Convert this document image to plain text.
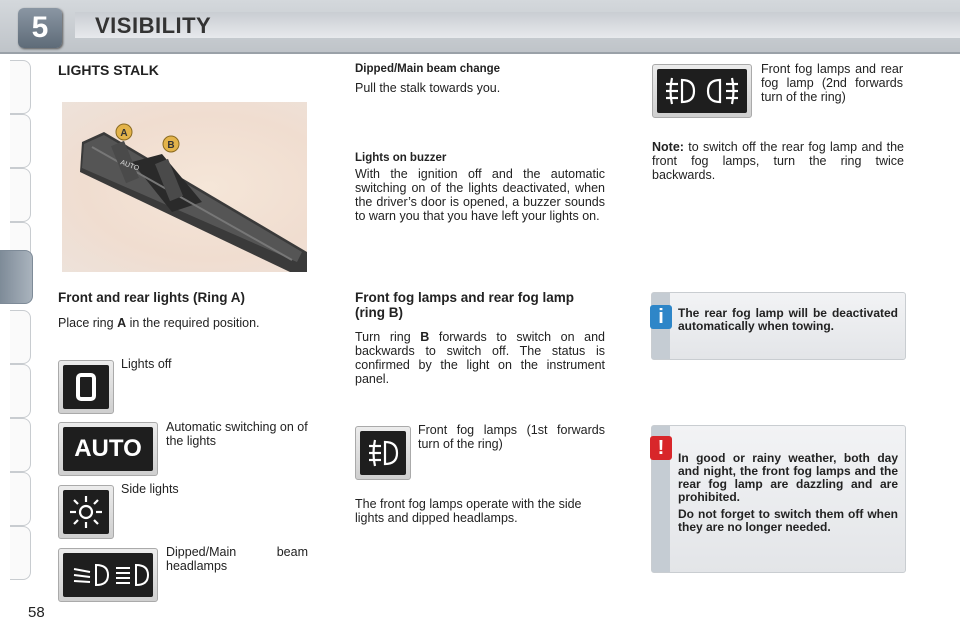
5	VISIBILITY
LIGHTS STALK
AUTO
A
B
Front and rear lights (Ring A)
Place ring A in the required position.
Lights off
AUTO
Automatic switching on of the lights
Side lights
Dipped/Main beam headlamps
Dipped/Main beam change
Pull the stalk towards you.
Lights on buzzer
With the ignition off and the automatic switching on of the lights deactivated, when the driver’s door is opened, a buzzer sounds to warn you that you have left your lights on.
Front fog lamps and rear fog lamp (ring B)
Turn ring B forwards to switch on and backwards to switch off. The status is confirmed by the light on the instrument panel.
Front fog lamps (1st forwards turn of the ring)
The front fog lamps operate with the side lights and dipped headlamps.
Front fog lamps and rear fog lamp (2nd forwards turn of the ring)
Note: to switch off the rear fog lamp and the front fog lamps, turn the ring twice backwards.
i	The rear fog lamp will be deactivated automatically when towing.
!	In good or rainy weather, both day and night, the front fog lamps and the rear fog lamp are dazzling and are prohibited.
Do not forget to switch them off when they are no longer needed.
58
